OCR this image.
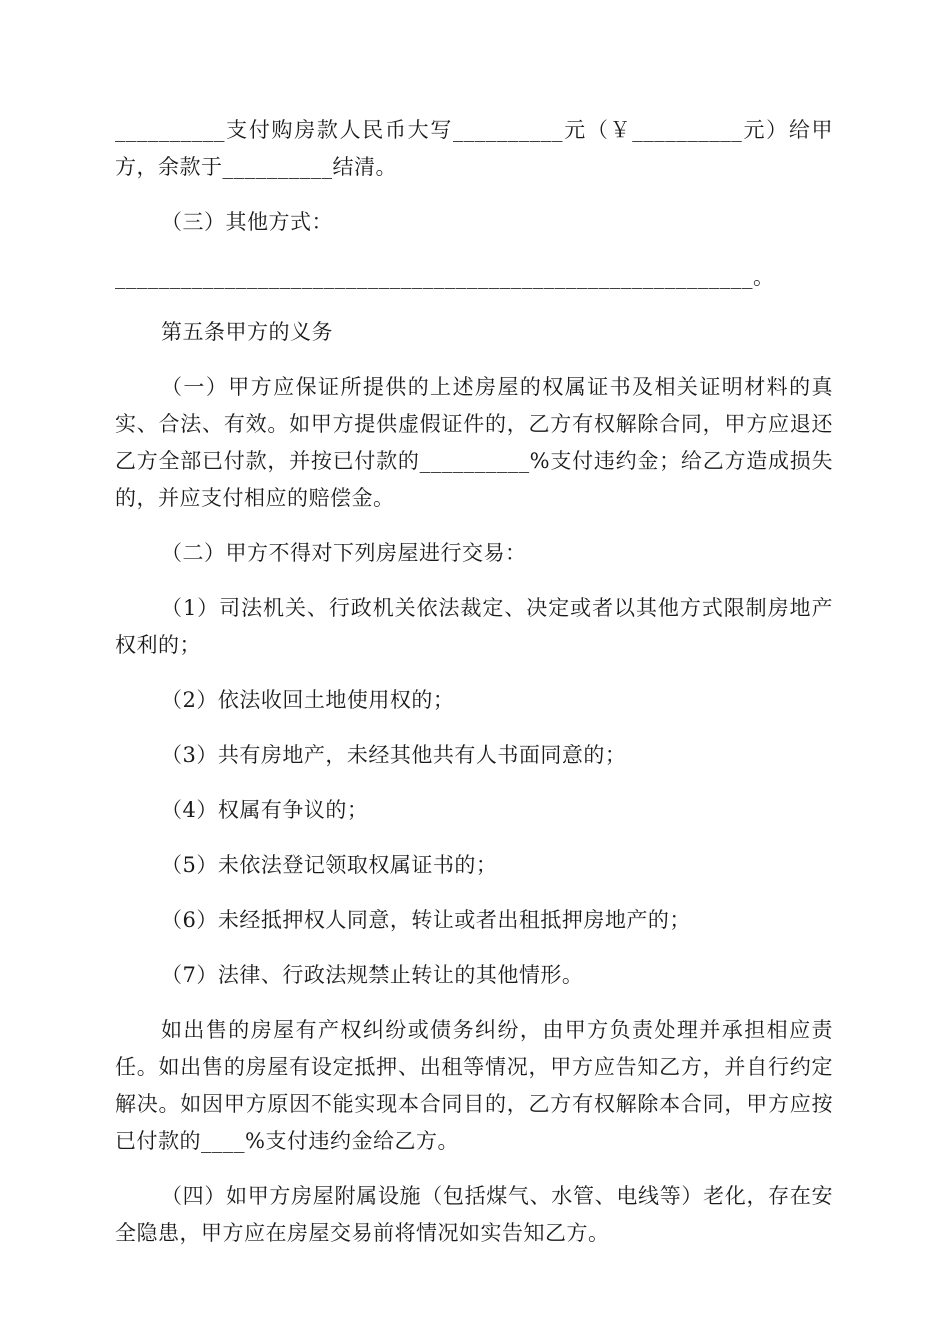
__________支付购房款人民币大写__________元（￥__________元）给甲方，余款于__________结清。

（三）其他方式：

__________________________________________________________。

第五条甲方的义务

（一）甲方应保证所提供的上述房屋的权属证书及相关证明材料的真实、合法、有效。如甲方提供虚假证件的，乙方有权解除合同，甲方应退还乙方全部已付款，并按已付款的__________%支付违约金；给乙方造成损失的，并应支付相应的赔偿金。

（二）甲方不得对下列房屋进行交易：

（1）司法机关、行政机关依法裁定、决定或者以其他方式限制房地产权利的；

（2）依法收回土地使用权的；

（3）共有房地产，未经其他共有人书面同意的；

（4）权属有争议的；

（5）未依法登记领取权属证书的；

（6）未经抵押权人同意，转让或者出租抵押房地产的；

（7）法律、行政法规禁止转让的其他情形。

如出售的房屋有产权纠纷或债务纠纷，由甲方负责处理并承担相应责任。如出售的房屋有设定抵押、出租等情况，甲方应告知乙方，并自行约定解决。如因甲方原因不能实现本合同目的，乙方有权解除本合同，甲方应按已付款的____%支付违约金给乙方。

（四）如甲方房屋附属设施（包括煤气、水管、电线等）老化，存在安全隐患，甲方应在房屋交易前将情况如实告知乙方。
